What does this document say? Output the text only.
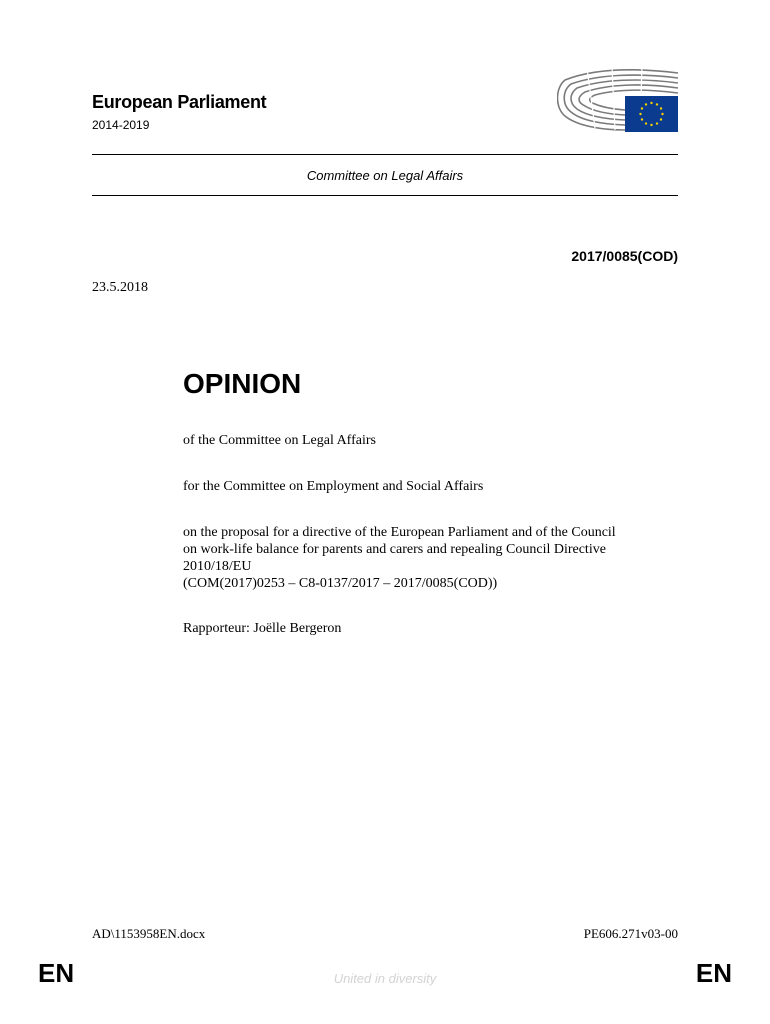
European Parliament
2014-2019
Committee on Legal Affairs
2017/0085(COD)
23.5.2018
OPINION
of the Committee on Legal Affairs
for the Committee on Employment and Social Affairs
on the proposal for a directive of the European Parliament and of the Council
on work-life balance for parents and carers and repealing Council Directive
2010/18/EU
(COM(2017)0253 – C8-0137/2017 – 2017/0085(COD))
Rapporteur: Joëlle Bergeron
AD\1153958EN.docx	PE606.271v03-00
EN	EN
United in diversity
